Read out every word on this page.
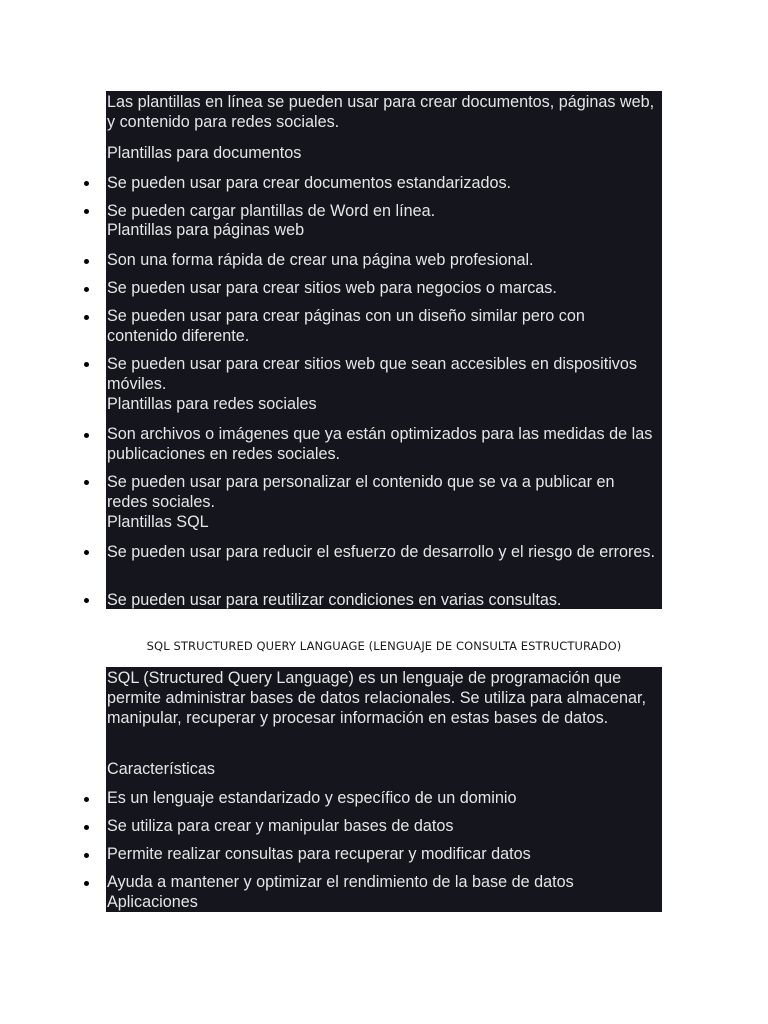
Las plantillas en línea se pueden usar para crear documentos, páginas web, y contenido para redes sociales.
Plantillas para documentos
Se pueden usar para crear documentos estandarizados.
Se pueden cargar plantillas de Word en línea.
Plantillas para páginas web
Son una forma rápida de crear una página web profesional.
Se pueden usar para crear sitios web para negocios o marcas.
Se pueden usar para crear páginas con un diseño similar pero con contenido diferente.
Se pueden usar para crear sitios web que sean accesibles en dispositivos móviles.
Plantillas para redes sociales
Son archivos o imágenes que ya están optimizados para las medidas de las publicaciones en redes sociales.
Se pueden usar para personalizar el contenido que se va a publicar en redes sociales.
Plantillas SQL
Se pueden usar para reducir el esfuerzo de desarrollo y el riesgo de errores.
Se pueden usar para reutilizar condiciones en varias consultas.
SQL STRUCTURED QUERY LANGUAGE (LENGUAJE DE CONSULTA ESTRUCTURADO)
SQL (Structured Query Language) es un lenguaje de programación que permite administrar bases de datos relacionales. Se utiliza para almacenar, manipular, recuperar y procesar información en estas bases de datos.
Características
Es un lenguaje estandarizado y específico de un dominio
Se utiliza para crear y manipular bases de datos
Permite realizar consultas para recuperar y modificar datos
Ayuda a mantener y optimizar el rendimiento de la base de datos
Aplicaciones
